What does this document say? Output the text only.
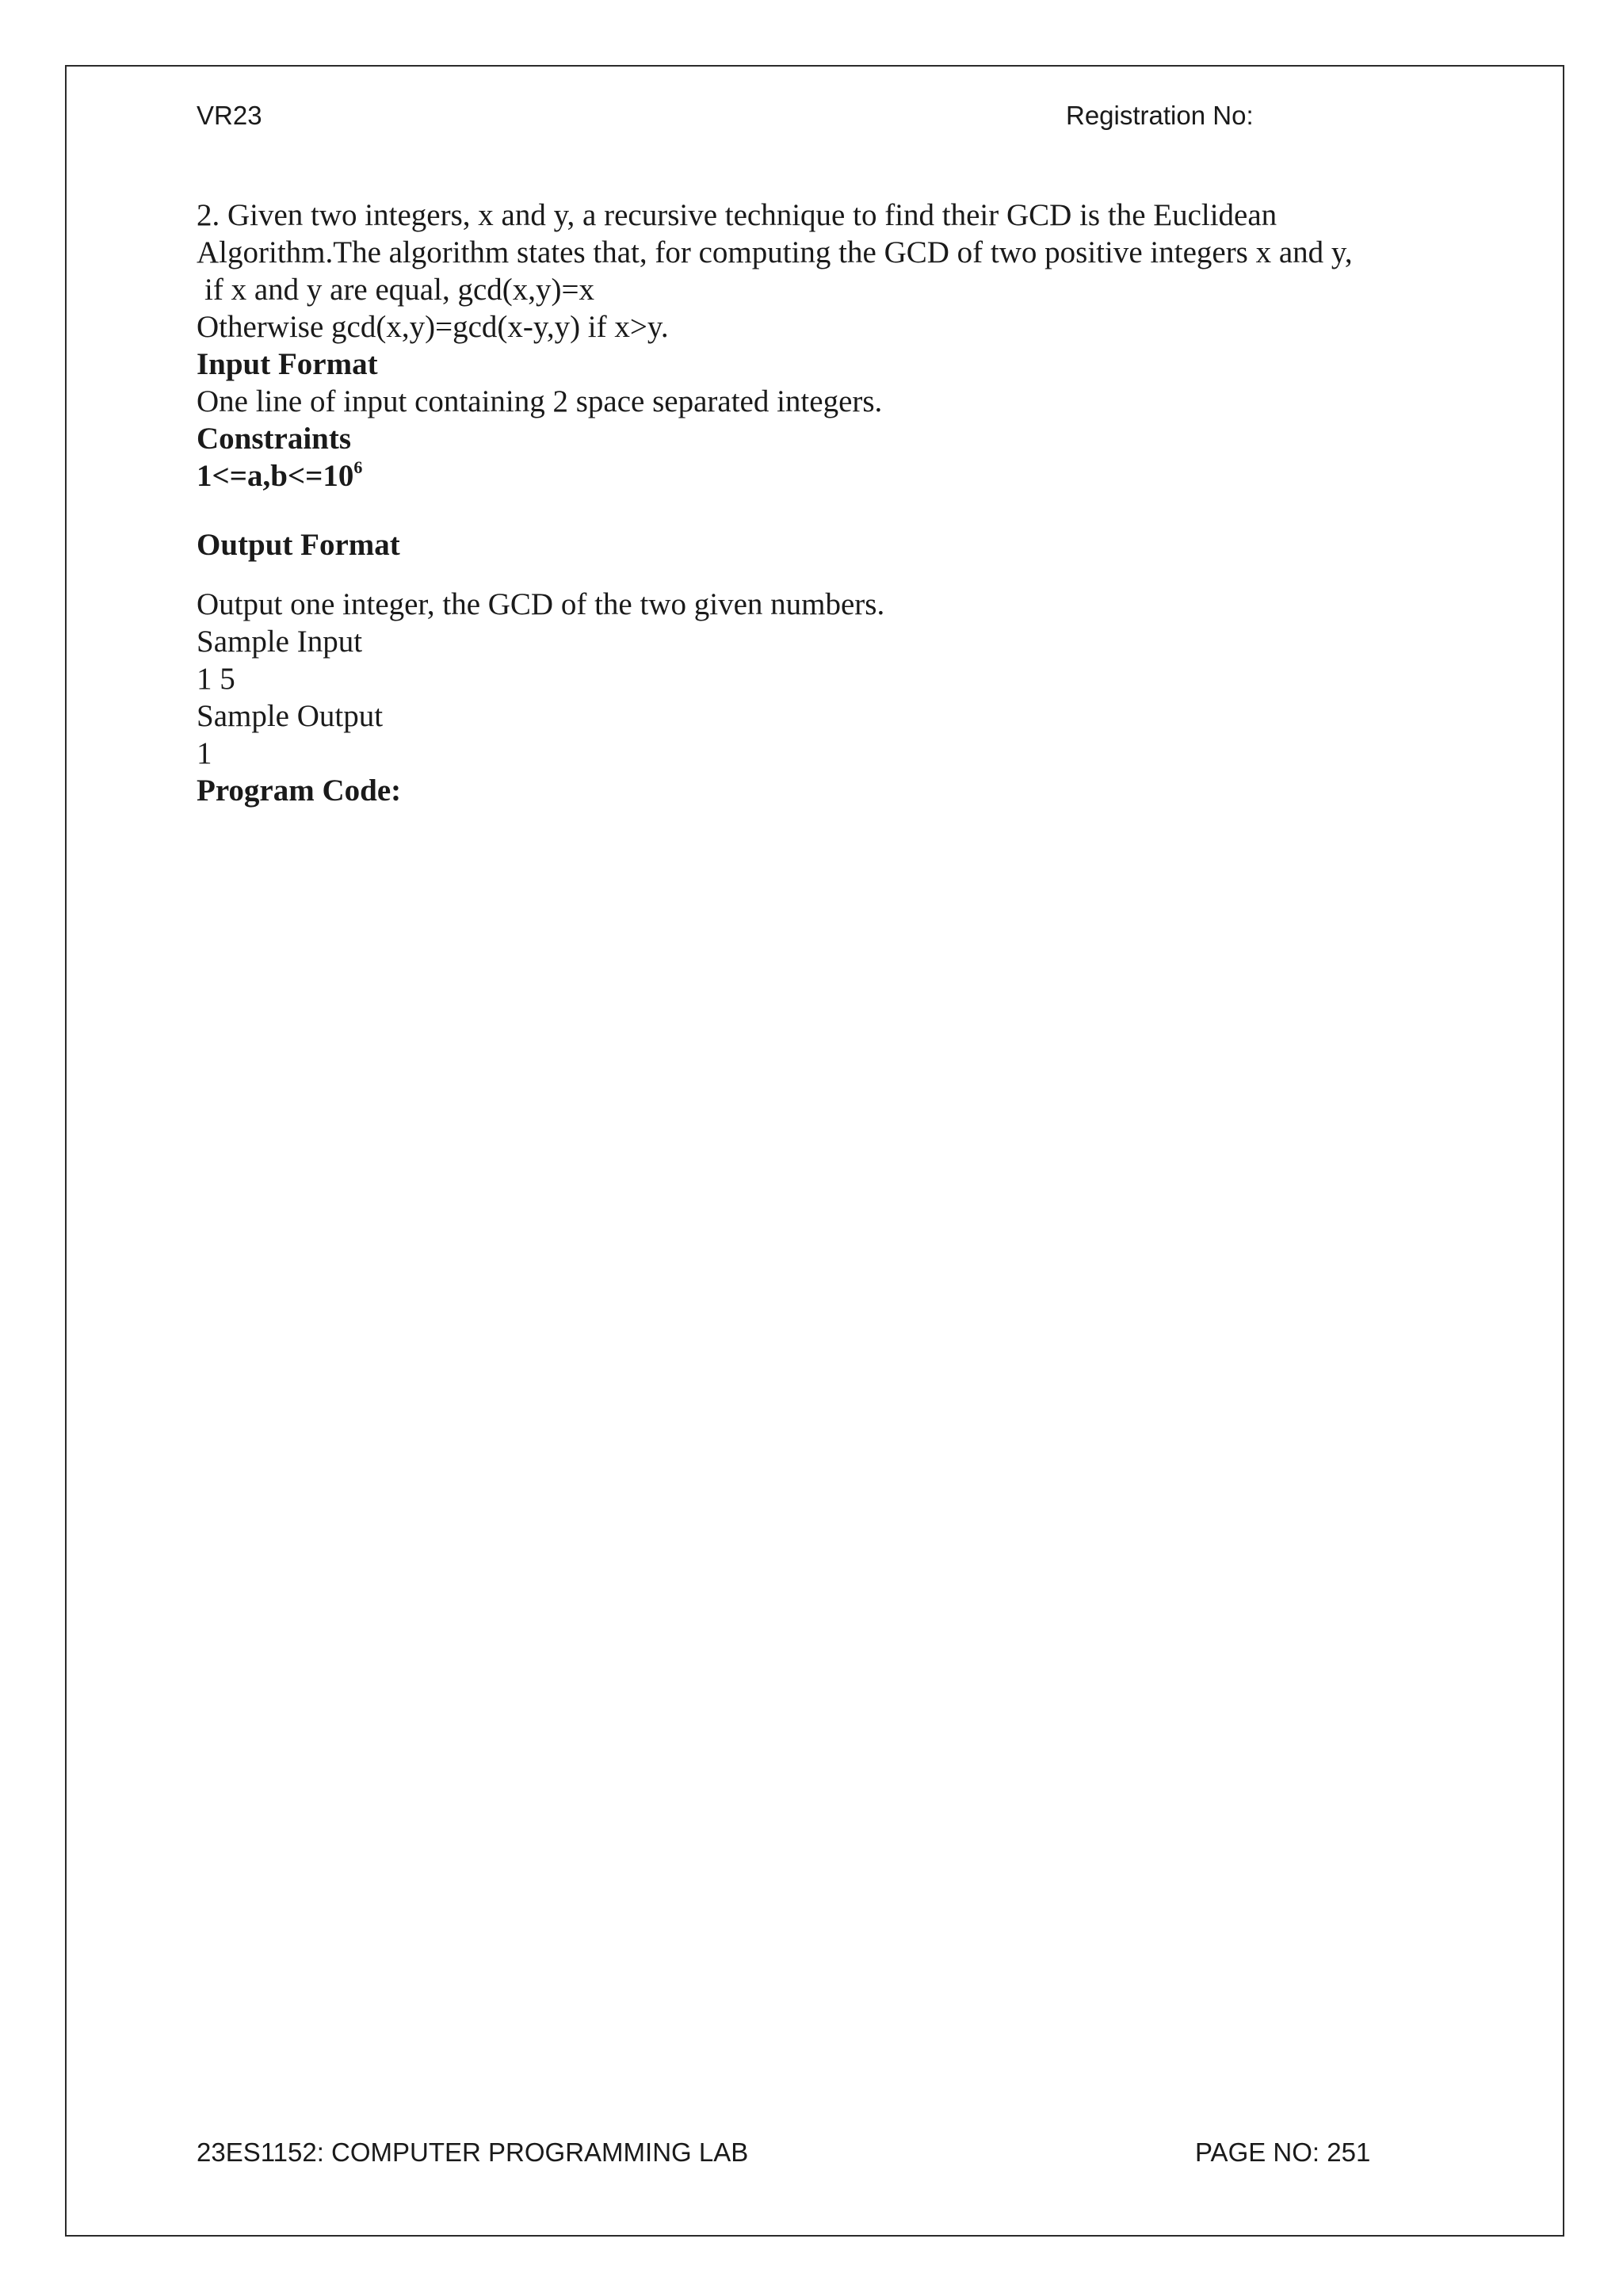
VR23	Registration No:

2. Given two integers, x and y, a recursive technique to find their GCD is the Euclidean

Algorithm.The algorithm states that, for computing the GCD of two positive integers x and y,

if x and y are equal, gcd(x,y)=x

Otherwise gcd(x,y)=gcd(x-y,y) if x>y.

Input Format

One line of input containing 2 space separated integers.

Constraints

$1<=a,b<=10^6$

Output Format

Output one integer, the GCD of the two given numbers.

Sample Input

1 5

Sample Output

1

Program Code:

23ES1152: COMPUTER PROGRAMMING LAB	PAGE NO: 251
